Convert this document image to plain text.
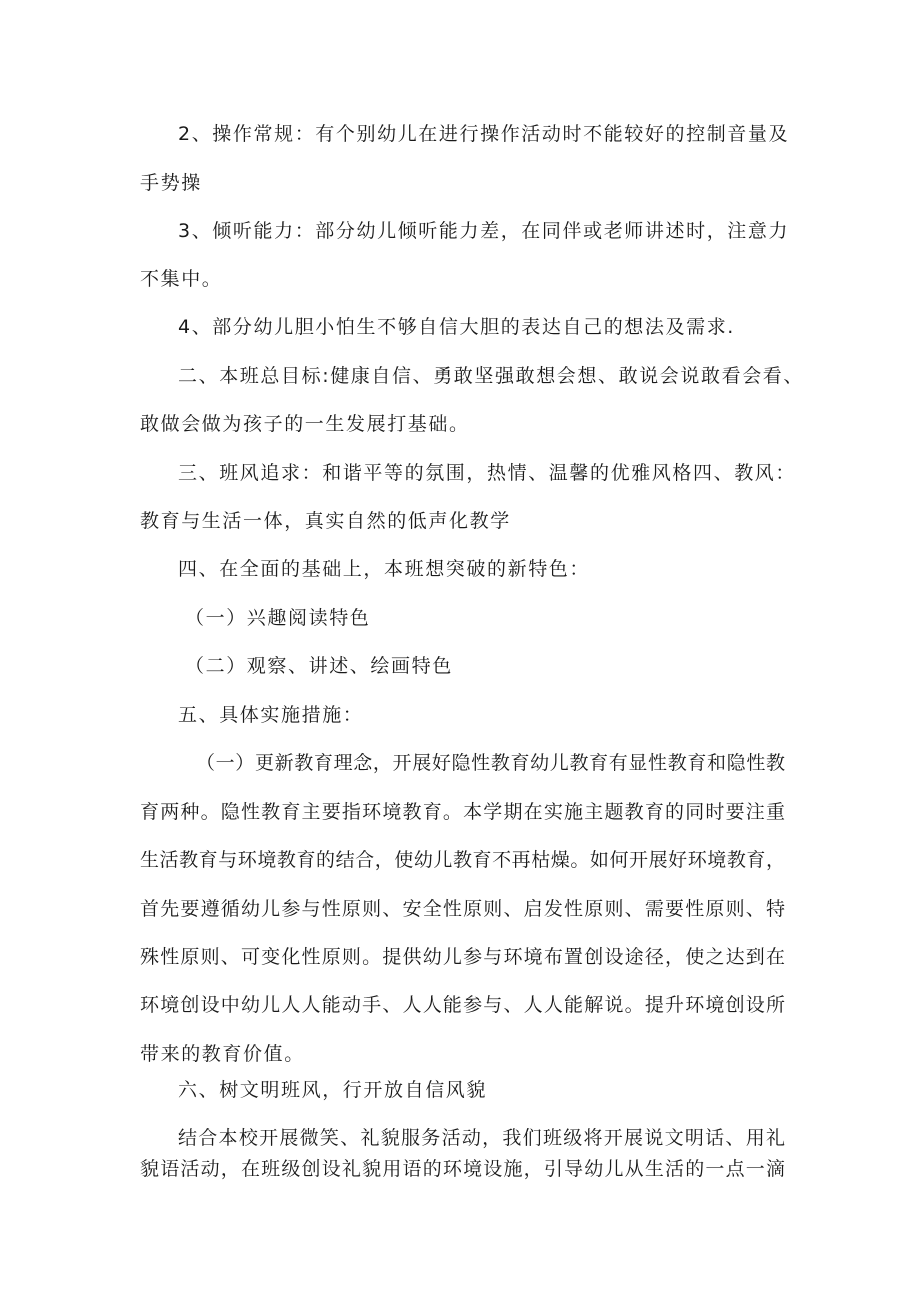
2、操作常规：有个别幼儿在进行操作活动时不能较好的控制音量及
手势操
3、倾听能力：部分幼儿倾听能力差，在同伴或老师讲述时，注意力
不集中。
4、部分幼儿胆小怕生不够自信大胆的表达自己的想法及需求.
二、本班总目标:健康自信、勇敢坚强敢想会想、敢说会说敢看会看、
敢做会做为孩子的一生发展打基础。
三、班风追求：和谐平等的氛围，热情、温馨的优雅风格四、教风：
教育与生活一体，真实自然的低声化教学
四、在全面的基础上，本班想突破的新特色：
（一）兴趣阅读特色
（二）观察、讲述、绘画特色
五、具体实施措施：
（一）更新教育理念，开展好隐性教育幼儿教育有显性教育和隐性教
育两种。隐性教育主要指环境教育。本学期在实施主题教育的同时要注重
生活教育与环境教育的结合，使幼儿教育不再枯燥。如何开展好环境教育，
首先要遵循幼儿参与性原则、安全性原则、启发性原则、需要性原则、特
殊性原则、可变化性原则。提供幼儿参与环境布置创设途径，使之达到在
环境创设中幼儿人人能动手、人人能参与、人人能解说。提升环境创设所
带来的教育价值。
六、树文明班风，行开放自信风貌
结合本校开展微笑、礼貌服务活动，我们班级将开展说文明话、用礼
貌语活动，在班级创设礼貌用语的环境设施，引导幼儿从生活的一点一滴
